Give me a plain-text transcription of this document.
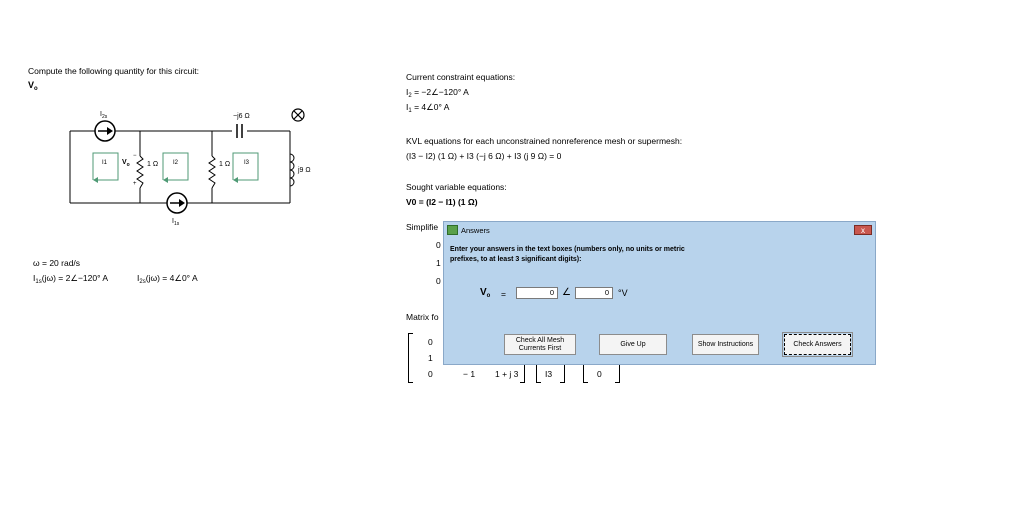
Compute the following quantity for this circuit:
$V_o$
$I_{2s}$
$I_{1s}$
−j6 Ω
1 Ω	1 Ω
j9 Ω
I1	I2	I3
$V_o$
−
+
ω = 20 rad/s
$I_{1s}(j\omega)$ = 2∠−120° A	$I_{2s}(j\omega)$ = 4∠0° A
Current constraint equations:
$I_2$ = −2∠−120° A
$I_1$ = 4∠0° A
KVL equations for each unconstrained nonreference mesh or supermesh:
(I3 − I2) (1 Ω) + I3 (−j 6 Ω) + I3 (j 9 Ω) = 0
Sought variable equations:
V0 = (I2 − I1) (1 Ω)
Simplifie
0
1
0
Matrix fo
0
1
0	− 1 1 + j 3	I3	0
Answers	x
Enter your answers in the text boxes (numbers only, no units or metric prefixes, to at least 3 significant digits):
$V_o$ =	0 ∠	0	°V
Check All Mesh Currents First
Give Up	Show Instructions	Check Answers
